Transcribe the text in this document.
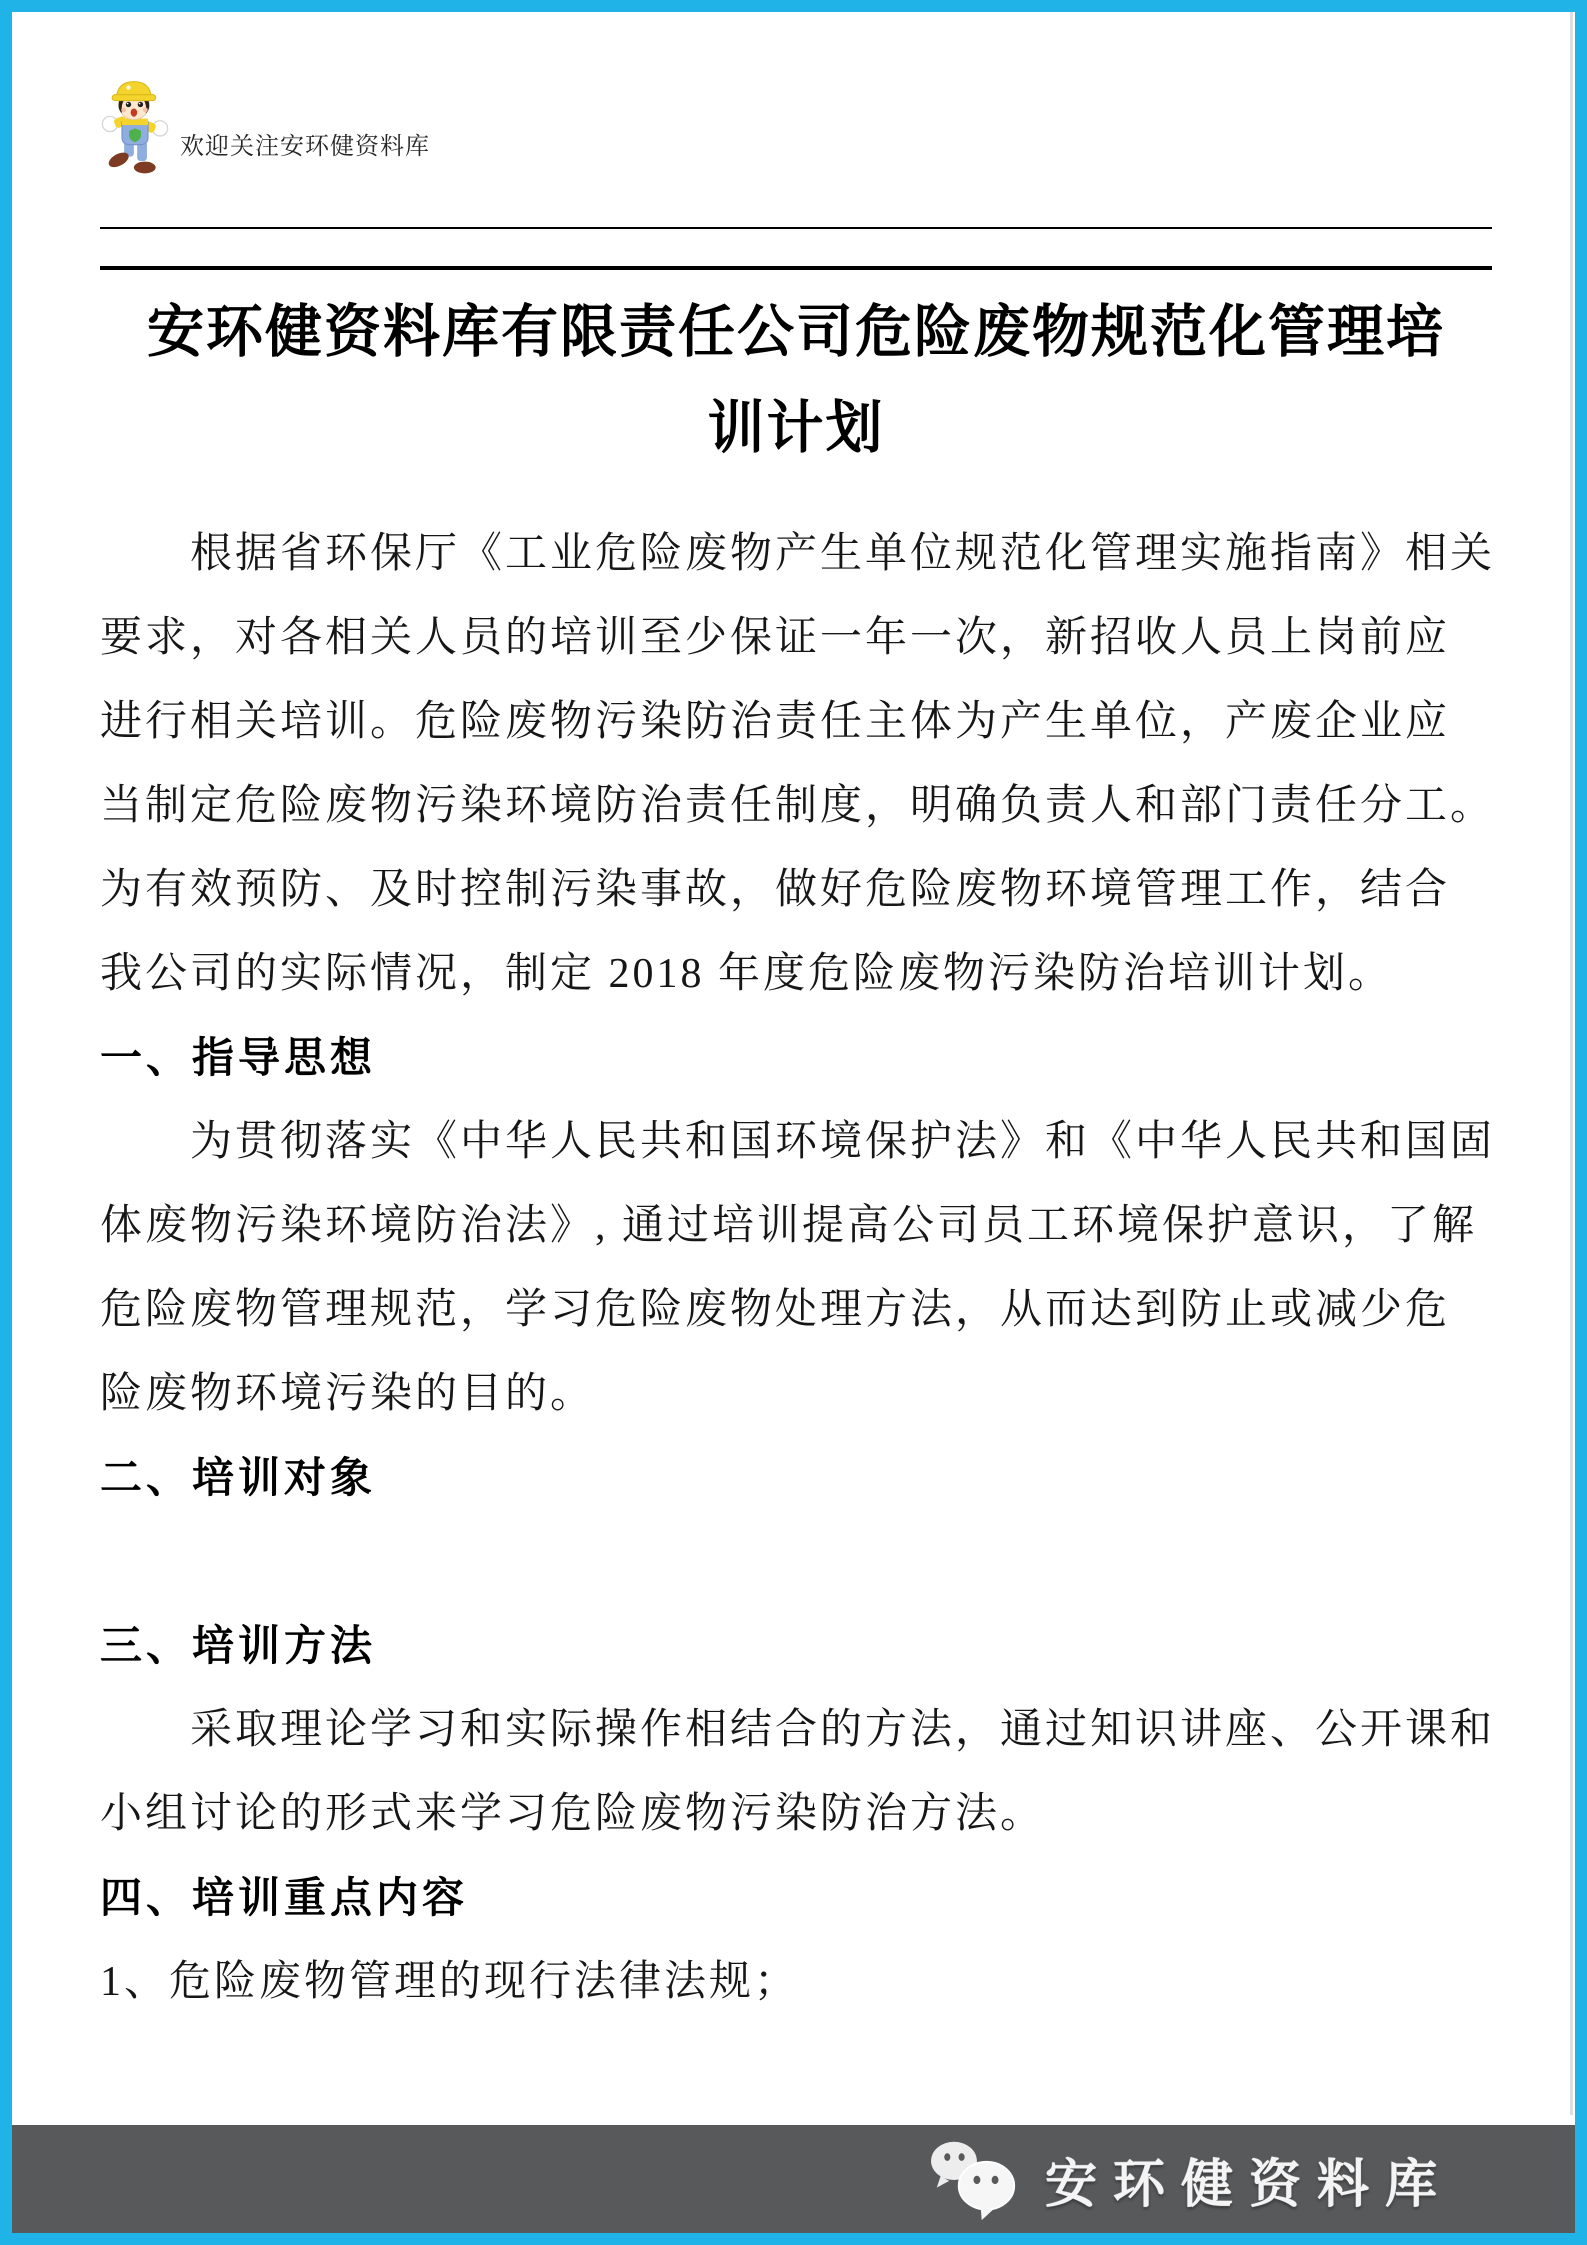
欢迎关注安环健资料库
安环健资料库有限责任公司危险废物规范化管理培
训计划
根据省环保厅《工业危险废物产生单位规范化管理实施指南》相关
要求，对各相关人员的培训至少保证一年一次，新招收人员上岗前应
进行相关培训。危险废物污染防治责任主体为产生单位，产废企业应
当制定危险废物污染环境防治责任制度，明确负责人和部门责任分工。
为有效预防、及时控制污染事故，做好危险废物环境管理工作，结合
我公司的实际情况，制定 2018 年度危险废物污染防治培训计划。
一、指导思想
为贯彻落实《中华人民共和国环境保护法》和《中华人民共和国固
体废物污染环境防治法》, 通过培训提高公司员工环境保护意识，了解
危险废物管理规范，学习危险废物处理方法，从而达到防止或减少危
险废物环境污染的目的。
二、培训对象
三、培训方法
采取理论学习和实际操作相结合的方法，通过知识讲座、公开课和
小组讨论的形式来学习危险废物污染防治方法。
四、培训重点内容
1、危险废物管理的现行法律法规；
安环健资料库
